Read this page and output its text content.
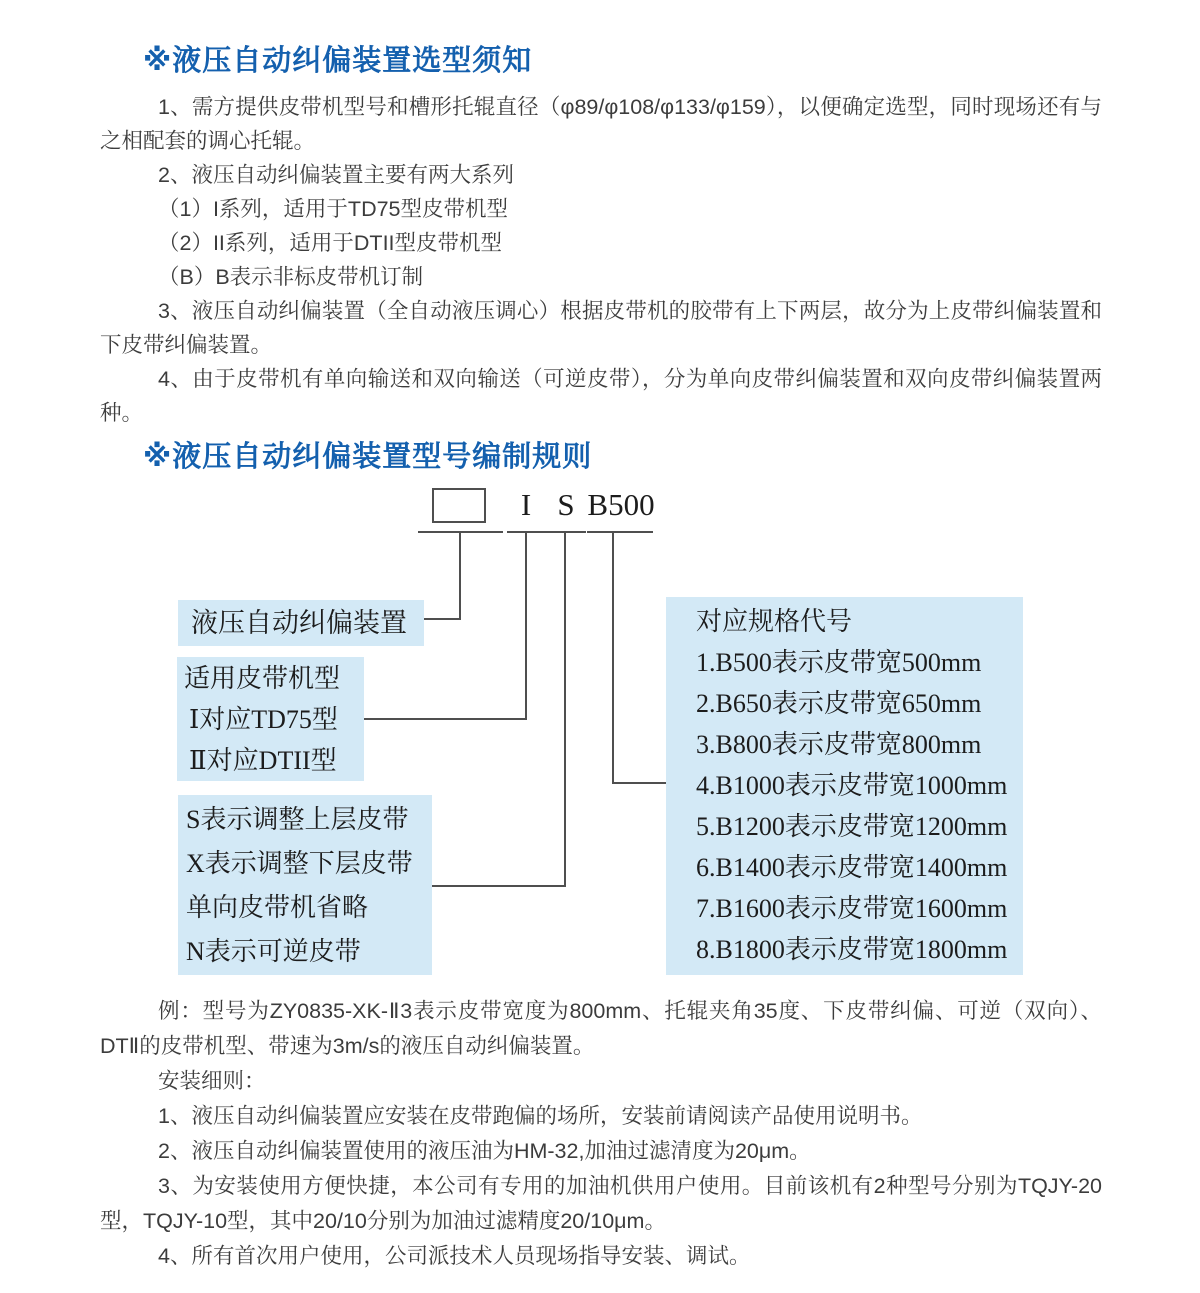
※液压自动纠偏装置选型须知

1、需方提供皮带机型号和槽形托辊直径（φ89/φ108/φ133/φ159），以便确定选型，同时现场还有与之相配套的调心托辊。

2、液压自动纠偏装置主要有两大系列

（1）I系列，适用于TD75型皮带机型

（2）II系列，适用于DTII型皮带机型

（B）B表示非标皮带机订制

3、液压自动纠偏装置（全自动液压调心）根据皮带机的胶带有上下两层，故分为上皮带纠偏装置和下皮带纠偏装置。

4、由于皮带机有单向输送和双向输送（可逆皮带），分为单向皮带纠偏装置和双向皮带纠偏装置两种。

※液压自动纠偏装置型号编制规则
I S B500
液压自动纠偏装置
适用皮带机型
Ⅰ对应TD75型
Ⅱ对应DTII型
S表示调整上层皮带
X表示调整下层皮带
单向皮带机省略
N表示可逆皮带
对应规格代号
1.B500表示皮带宽500mm
2.B650表示皮带宽650mm
3.B800表示皮带宽800mm
4.B1000表示皮带宽1000mm
5.B1200表示皮带宽1200mm
6.B1400表示皮带宽1400mm
7.B1600表示皮带宽1600mm
8.B1800表示皮带宽1800mm

例：型号为ZY0835-XK-Ⅱ3表示皮带宽度为800mm、托辊夹角35度、下皮带纠偏、可逆（双向）、DTⅡ的皮带机型、带速为3m/s的液压自动纠偏装置。

安装细则：

1、液压自动纠偏装置应安装在皮带跑偏的场所，安装前请阅读产品使用说明书。

2、液压自动纠偏装置使用的液压油为HM-32,加油过滤清度为20μm。

3、为安装使用方便快捷，本公司有专用的加油机供用户使用。目前该机有2种型号分别为TQJY-20型，TQJY-10型，其中20/10分别为加油过滤精度20/10μm。

4、所有首次用户使用，公司派技术人员现场指导安装、调试。
